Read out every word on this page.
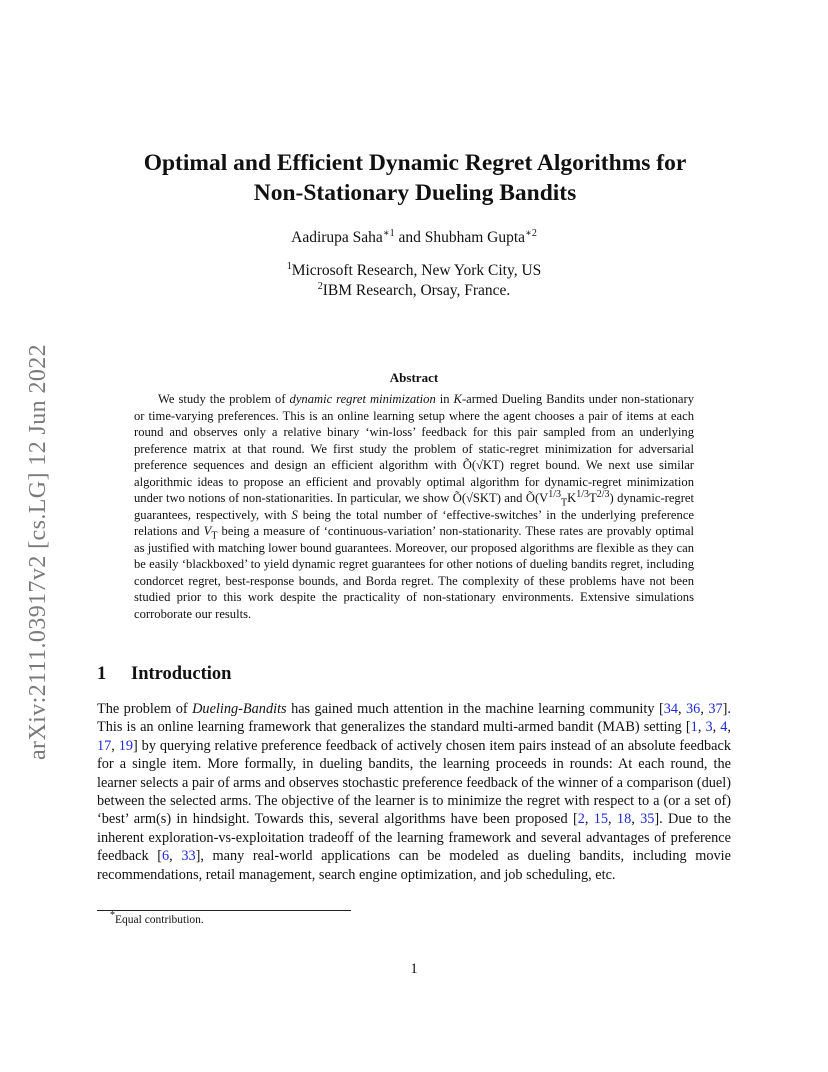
arXiv:2111.03917v2 [cs.LG] 12 Jun 2022
Optimal and Efficient Dynamic Regret Algorithms for
Non-Stationary Dueling Bandits
Aadirupa Saha$^{∗1}$ and Shubham Gupta$^{∗2}$
$^1$Microsoft Research, New York City, US
$^2$IBM Research, Orsay, France.
Abstract

We study the problem of dynamic regret minimization in K-armed Dueling Bandits under non-stationary or time-varying preferences. This is an online learning setup where the agent chooses a pair of items at each round and observes only a relative binary ‘win-loss’ feedback for this pair sampled from an underlying preference matrix at that round. We first study the problem of static-regret minimization for adversarial preference sequences and design an efficient algorithm with Õ(√KT) regret bound. We next use similar algorithmic ideas to propose an efficient and provably optimal algorithm for dynamic-regret minimization under two notions of non-stationarities. In particular, we show Õ(√SKT) and $Õ(V^{1/3}_TK^{1/3}T^{2/3})$ dynamic-regret guarantees, respectively, with S being the total number of ‘effective-switches’ in the underlying preference relations and $V_T$ being a measure of ‘continuous-variation’ non-stationarity. These rates are provably optimal as justified with matching lower bound guarantees. Moreover, our proposed algorithms are flexible as they can be easily ‘blackboxed’ to yield dynamic regret guarantees for other notions of dueling bandits regret, including condorcet regret, best-response bounds, and Borda regret. The complexity of these problems have not been studied prior to this work despite the practicality of non-stationary environments. Extensive simulations corroborate our results.

1 Introduction

The problem of Dueling-Bandits has gained much attention in the machine learning community [34, 36, 37]. This is an online learning framework that generalizes the standard multi-armed bandit (MAB) setting [1, 3, 4, 17, 19] by querying relative preference feedback of actively chosen item pairs instead of an absolute feedback for a single item. More formally, in dueling bandits, the learning proceeds in rounds: At each round, the learner selects a pair of arms and observes stochastic preference feedback of the winner of a comparison (duel) between the selected arms. The objective of the learner is to minimize the regret with respect to a (or a set of) ‘best’ arm(s) in hindsight. Towards this, several algorithms have been proposed [2, 15, 18, 35]. Due to the inherent exploration-vs-exploitation tradeoff of the learning framework and several advantages of preference feedback [6, 33], many real-world applications can be modeled as dueling bandits, including movie recommendations, retail management, search engine optimization, and job scheduling, etc.

*Equal contribution.
1
